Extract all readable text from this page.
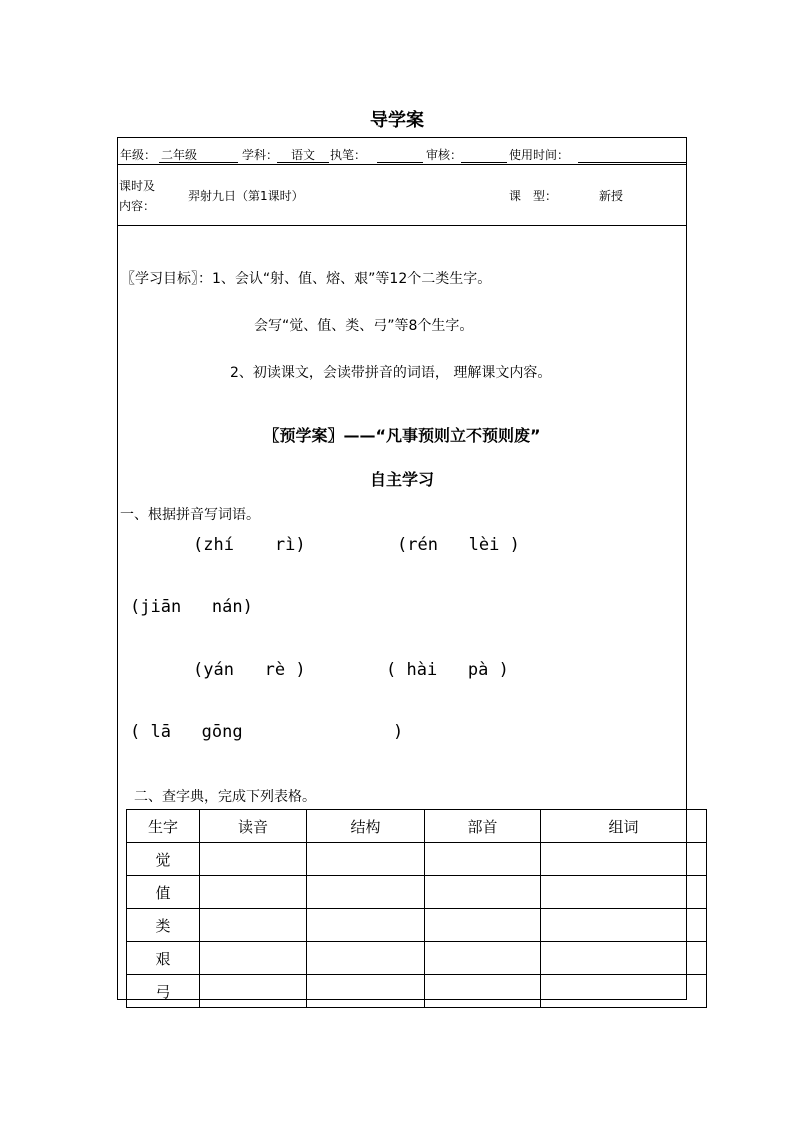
导学案
年级： 二年级	学科： 语文 执笔：	审核：	使用时间：
课时及
内容：
羿射九日（第1课时）	课　型：	新授
〖学习目标〗：1、会认“射、值、熔、艰”等12个二类生字。
会写“觉、值、类、弓”等8个生字。
2、初读课文，会读带拼音的词语， 理解课文内容。
〖预学案〗——“凡事预则立不预则废”
自主学习
一、根据拼音写词语。
(zhí    rì)	(rén   lèi )
(jiān   nán)
(yán   rè )	( hài   pà )
( lā   gōng	)
二、查字典，完成下列表格。
生字	读音	结构	部首	组词
觉				
值				
类				
艰				
弓				
